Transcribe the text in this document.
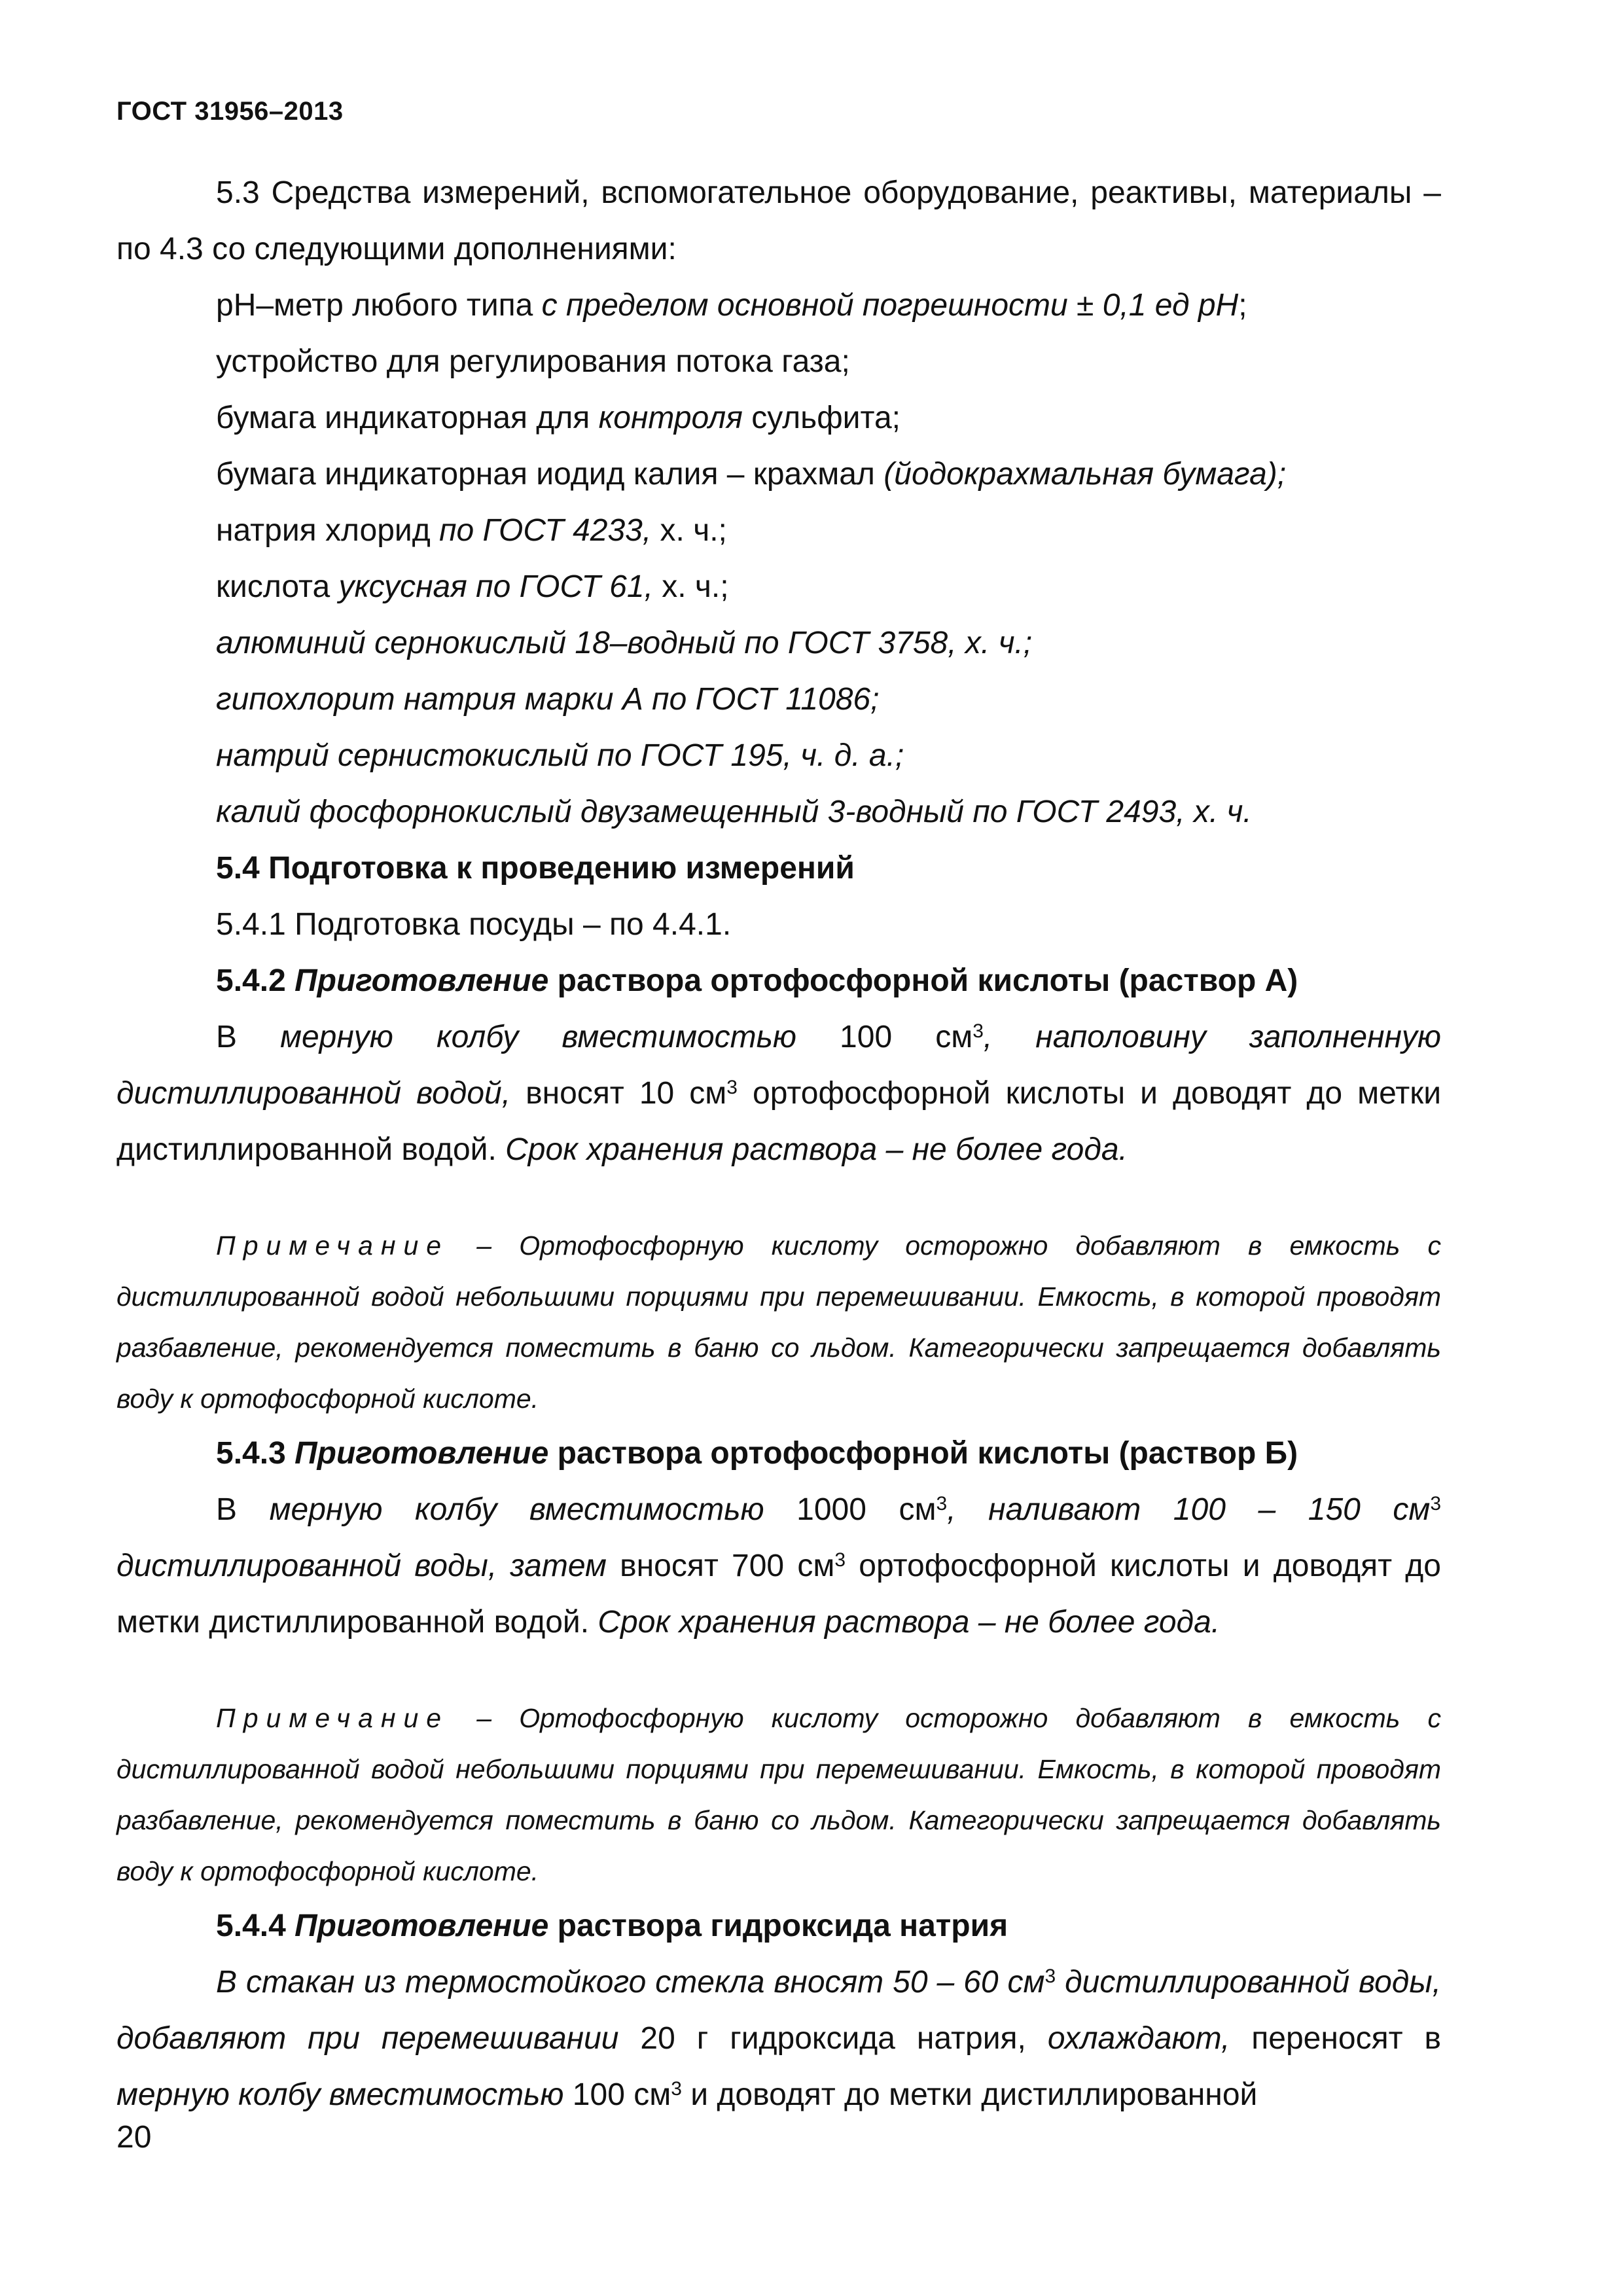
ГОСТ 31956–2013

5.3 Средства измерений, вспомогательное оборудование, реактивы, материалы – по 4.3 со следующими дополнениями:

рН–метр любого типа с пределом основной погрешности ± 0,1 ед рН;

устройство для регулирования потока газа;

бумага индикаторная для контроля сульфита;

бумага индикаторная иодид калия – крахмал (йодокрахмальная бумага);

натрия хлорид по ГОСТ 4233, х. ч.;

кислота уксусная по ГОСТ 61, х. ч.;

алюминий сернокислый 18–водный по ГОСТ 3758, х. ч.;

гипохлорит натрия марки А по ГОСТ 11086;

натрий сернистокислый по ГОСТ 195, ч. д. а.;

калий фосфорнокислый двузамещенный 3-водный по ГОСТ 2493, х. ч.

5.4 Подготовка к проведению измерений

5.4.1 Подготовка посуды – по 4.4.1.

5.4.2 Приготовление раствора ортофосфорной кислоты (раствор А)

В мерную колбу вместимостью 100 $см^3$, наполовину заполненную дистиллированной водой, вносят 10 $см^3$ ортофосфорной кислоты и доводят до метки дистиллированной водой. Срок хранения раствора – не более года.

Примечание – Ортофосфорную кислоту осторожно добавляют в емкость с дистиллированной водой небольшими порциями при перемешивании. Емкость, в которой проводят разбавление, рекомендуется поместить в баню со льдом. Категорически запрещается добавлять воду к ортофосфорной кислоте.

5.4.3 Приготовление раствора ортофосфорной кислоты (раствор Б)

В мерную колбу вместимостью 1000 $см^3$, наливают 100 – 150 $см^3$ дистиллированной воды, затем вносят 700 $см^3$ ортофосфорной кислоты и доводят до метки дистиллированной водой. Срок хранения раствора – не более года.

Примечание – Ортофосфорную кислоту осторожно добавляют в емкость с дистиллированной водой небольшими порциями при перемешивании. Емкость, в которой проводят разбавление, рекомендуется поместить в баню со льдом. Категорически запрещается добавлять воду к ортофосфорной кислоте.

5.4.4 Приготовление раствора гидроксида натрия

В стакан из термостойкого стекла вносят 50 – 60 $см^3$ дистиллированной воды, добавляют при перемешивании 20 г гидроксида натрия, охлаждают, переносят в мерную колбу вместимостью 100 $см^3$ и доводят до метки дистиллированной

20
